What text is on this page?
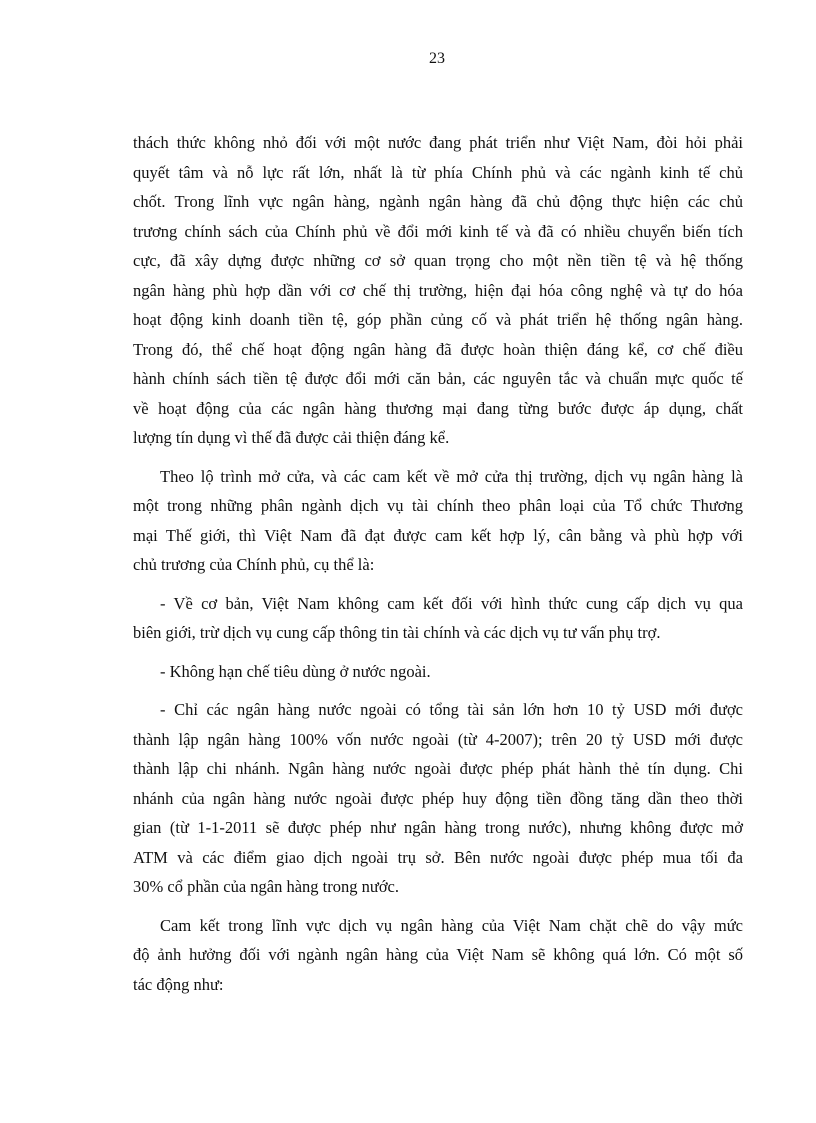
23

thách thức không nhỏ đối với một nước đang phát triển như Việt Nam, đòi hỏi phải
quyết tâm và nỗ lực rất lớn, nhất là từ phía Chính phủ và các ngành kinh tế chủ
chốt. Trong lĩnh vực ngân hàng, ngành ngân hàng đã chủ động thực hiện các chủ
trương chính sách của Chính phủ về đổi mới kinh tế và đã có nhiều chuyển biến tích
cực, đã xây dựng được những cơ sở quan trọng cho một nền tiền tệ và hệ thống
ngân hàng phù hợp dần với cơ chế thị trường, hiện đại hóa công nghệ và tự do hóa
hoạt động kinh doanh tiền tệ, góp phần củng cố và phát triển hệ thống ngân hàng.
Trong đó, thể chế hoạt động ngân hàng đã được hoàn thiện đáng kể, cơ chế điều
hành chính sách tiền tệ được đổi mới căn bản, các nguyên tắc và chuẩn mực quốc tế
về hoạt động của các ngân hàng thương mại đang từng bước được áp dụng, chất
lượng tín dụng vì thế đã được cải thiện đáng kể.

Theo lộ trình mở cửa, và các cam kết về mở cửa thị trường, dịch vụ ngân hàng là
một trong những phân ngành dịch vụ tài chính theo phân loại của Tổ chức Thương
mại Thế giới, thì Việt Nam đã đạt được cam kết hợp lý, cân bằng và phù hợp với
chủ trương của Chính phủ, cụ thể là:

- Về cơ bản, Việt Nam không cam kết đối với hình thức cung cấp dịch vụ qua
biên giới, trừ dịch vụ cung cấp thông tin tài chính và các dịch vụ tư vấn phụ trợ.

- Không hạn chế tiêu dùng ở nước ngoài.

- Chỉ các ngân hàng nước ngoài có tổng tài sản lớn hơn 10 tỷ USD mới được
thành lập ngân hàng 100% vốn nước ngoài (từ 4-2007); trên 20 tỷ USD mới được
thành lập chi nhánh. Ngân hàng nước ngoài được phép phát hành thẻ tín dụng. Chi
nhánh của ngân hàng nước ngoài được phép huy động tiền đồng tăng dần theo thời
gian (từ 1-1-2011 sẽ được phép như ngân hàng trong nước), nhưng không được mở
ATM và các điểm giao dịch ngoài trụ sở. Bên nước ngoài được phép mua tối đa
30% cổ phần của ngân hàng trong nước.

Cam kết trong lĩnh vực dịch vụ ngân hàng của Việt Nam chặt chẽ do vậy mức
độ ảnh hưởng đối với ngành ngân hàng của Việt Nam sẽ không quá lớn. Có một số
tác động như:
